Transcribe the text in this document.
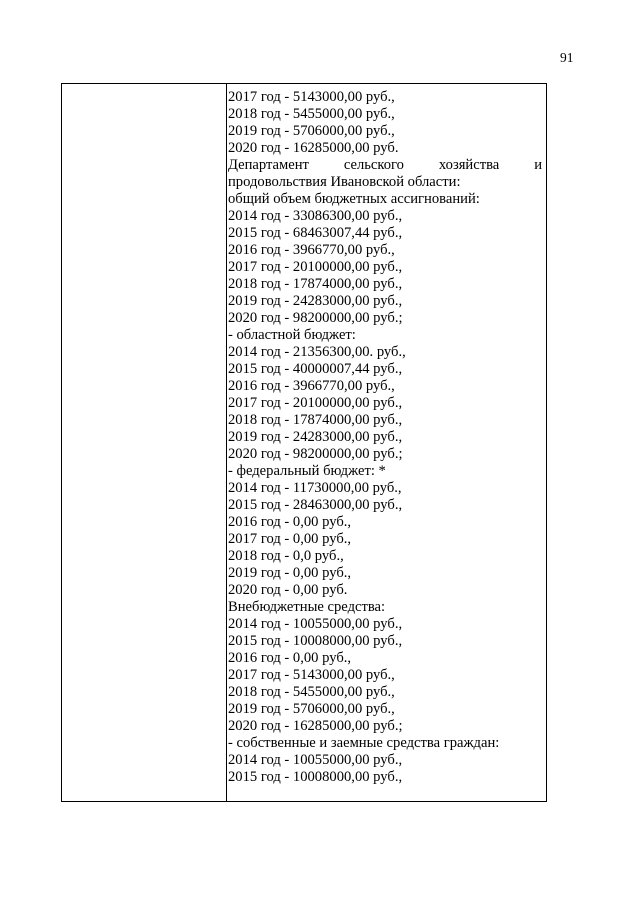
91
2017 год - 5143000,00 руб.,
2018 год - 5455000,00 руб.,
2019 год - 5706000,00 руб.,
2020 год - 16285000,00 руб.
Департамент сельского хозяйства и
продовольствия Ивановской области:
общий объем бюджетных ассигнований:
2014 год - 33086300,00 руб.,
2015 год - 68463007,44 руб.,
2016 год - 3966770,00 руб.,
2017 год - 20100000,00 руб.,
2018 год - 17874000,00 руб.,
2019 год - 24283000,00 руб.,
2020 год - 98200000,00 руб.;
- областной бюджет:
2014 год - 21356300,00. руб.,
2015 год - 40000007,44 руб.,
2016 год - 3966770,00 руб.,
2017 год - 20100000,00 руб.,
2018 год - 17874000,00 руб.,
2019 год - 24283000,00 руб.,
2020 год - 98200000,00 руб.;
- федеральный бюджет: *
2014 год - 11730000,00 руб.,
2015 год - 28463000,00 руб.,
2016 год - 0,00 руб.,
2017 год - 0,00 руб.,
2018 год - 0,0 руб.,
2019 год - 0,00 руб.,
2020 год - 0,00 руб.
Внебюджетные средства:
2014 год - 10055000,00 руб.,
2015 год - 10008000,00 руб.,
2016 год - 0,00 руб.,
2017 год - 5143000,00 руб.,
2018 год - 5455000,00 руб.,
2019 год - 5706000,00 руб.,
2020 год - 16285000,00 руб.;
- собственные и заемные средства граждан:
2014 год - 10055000,00 руб.,
2015 год - 10008000,00 руб.,
